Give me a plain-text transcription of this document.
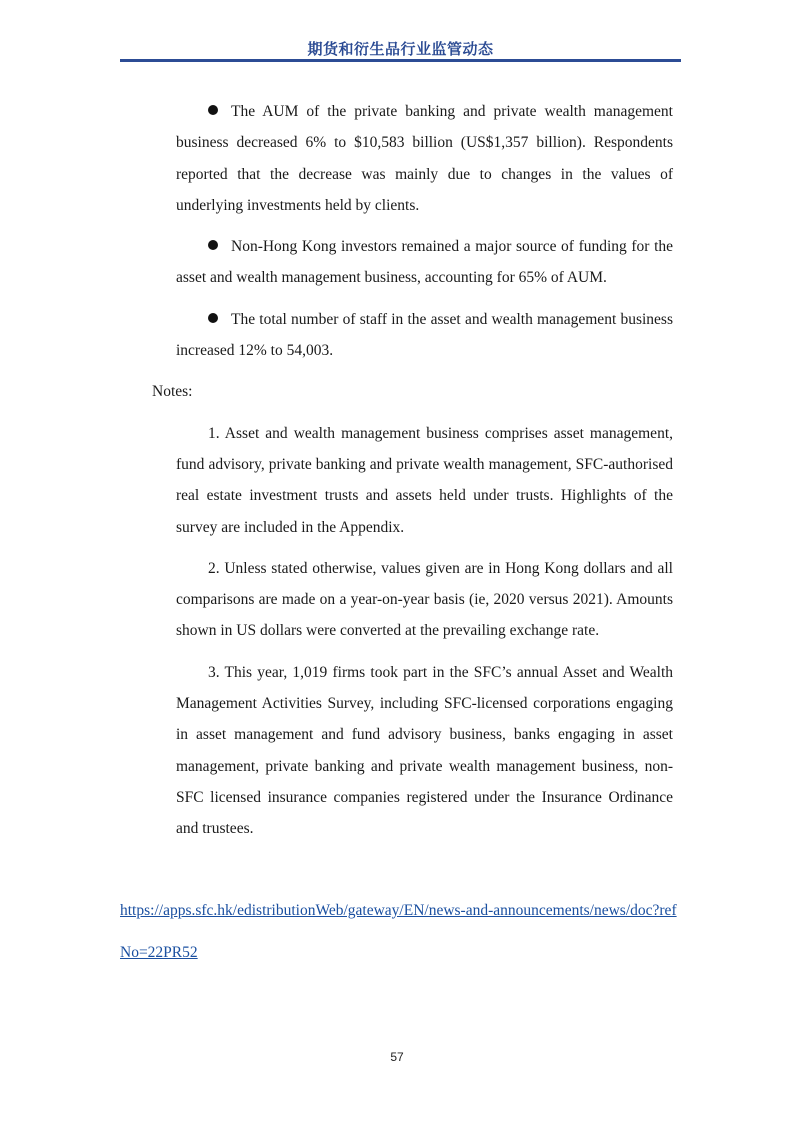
期货和衍生品行业监管动态

The AUM of the private banking and private wealth management business decreased 6% to $10,583 billion (US$1,357 billion). Respondents reported that the decrease was mainly due to changes in the values of underlying investments held by clients.

Non-Hong Kong investors remained a major source of funding for the asset and wealth management business, accounting for 65% of AUM.

The total number of staff in the asset and wealth management business increased 12% to 54,003.

Notes:

1. Asset and wealth management business comprises asset management, fund advisory, private banking and private wealth management, SFC-authorised real estate investment trusts and assets held under trusts. Highlights of the survey are included in the Appendix.

2. Unless stated otherwise, values given are in Hong Kong dollars and all comparisons are made on a year-on-year basis (ie, 2020 versus 2021). Amounts shown in US dollars were converted at the prevailing exchange rate.

3. This year, 1,019 firms took part in the SFC’s annual Asset and Wealth Management Activities Survey, including SFC-licensed corporations engaging in asset management and fund advisory business, banks engaging in asset management, private banking and private wealth management business, non-SFC licensed insurance companies registered under the Insurance Ordinance and trustees.

https://apps.sfc.hk/edistributionWeb/gateway/EN/news-and-announcements/news/doc?refNo=22PR52
57
